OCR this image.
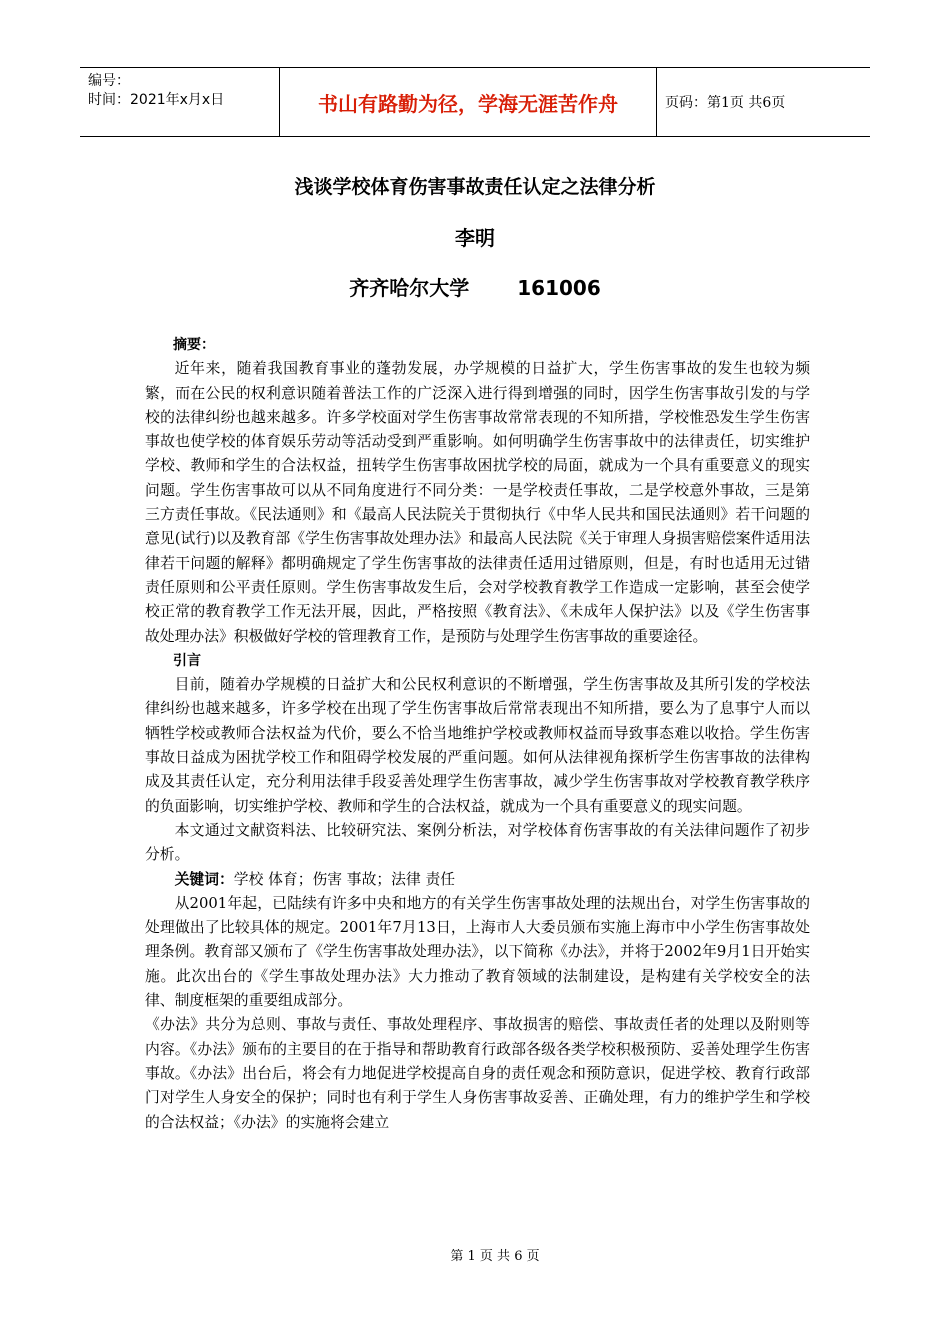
编号：
时间：2021年x月x日	书山有路勤为径，学海无涯苦作舟	页码：第1页 共6页
浅谈学校体育伤害事故责任认定之法律分析
李明
齐齐哈尔大学 161006

摘要：

近年来，随着我国教育事业的蓬勃发展，办学规模的日益扩大，学生伤害事故的发生也较为频繁，而在公民的权利意识随着普法工作的广泛深入进行得到增强的同时，因学生伤害事故引发的与学校的法律纠纷也越来越多。许多学校面对学生伤害事故常常表现的不知所措，学校惟恐发生学生伤害事故也使学校的体育娱乐劳动等活动受到严重影响。如何明确学生伤害事故中的法律责任，切实维护学校、教师和学生的合法权益，扭转学生伤害事故困扰学校的局面，就成为一个具有重要意义的现实问题。学生伤害事故可以从不同角度进行不同分类：一是学校责任事故，二是学校意外事故，三是第三方责任事故。《民法通则》和《最高人民法院关于贯彻执行《中华人民共和国民法通则》若干问题的意见(试行)以及教育部《学生伤害事故处理办法》和最高人民法院《关于审理人身损害赔偿案件适用法律若干问题的解释》都明确规定了学生伤害事故的法律责任适用过错原则，但是，有时也适用无过错责任原则和公平责任原则。学生伤害事故发生后，会对学校教育教学工作造成一定影响，甚至会使学校正常的教育教学工作无法开展，因此，严格按照《教育法》、《未成年人保护法》以及《学生伤害事故处理办法》积极做好学校的管理教育工作，是预防与处理学生伤害事故的重要途径。

引言

目前，随着办学规模的日益扩大和公民权利意识的不断增强，学生伤害事故及其所引发的学校法律纠纷也越来越多，许多学校在出现了学生伤害事故后常常表现出不知所措，要么为了息事宁人而以牺牲学校或教师合法权益为代价，要么不恰当地维护学校或教师权益而导致事态难以收拾。学生伤害事故日益成为困扰学校工作和阻碍学校发展的严重问题。如何从法律视角探析学生伤害事故的法律构成及其责任认定，充分利用法律手段妥善处理学生伤害事故，减少学生伤害事故对学校教育教学秩序的负面影响，切实维护学校、教师和学生的合法权益，就成为一个具有重要意义的现实问题。

本文通过文献资料法、比较研究法、案例分析法，对学校体育伤害事故的有关法律问题作了初步分析。

关键词：学校 体育；伤害 事故；法律 责任

从2001年起，已陆续有许多中央和地方的有关学生伤害事故处理的法规出台，对学生伤害事故的处理做出了比较具体的规定。2001年7月13日，上海市人大委员颁布实施上海市中小学生伤害事故处理条例。教育部又颁布了《学生伤害事故处理办法》，以下简称《办法》，并将于2002年9月1日开始实施。此次出台的《学生事故处理办法》大力推动了教育领域的法制建设，是构建有关学校安全的法律、制度框架的重要组成部分。

《办法》共分为总则、事故与责任、事故处理程序、事故损害的赔偿、事故责任者的处理以及附则等内容。《办法》颁布的主要目的在于指导和帮助教育行政部各级各类学校积极预防、妥善处理学生伤害事故。《办法》出台后，将会有力地促进学校提高自身的责任观念和预防意识，促进学校、教育行政部门对学生人身安全的保护；同时也有利于学生人身伤害事故妥善、正确处理，有力的维护学生和学校的合法权益；《办法》的实施将会建立

第 1 页 共 6 页
